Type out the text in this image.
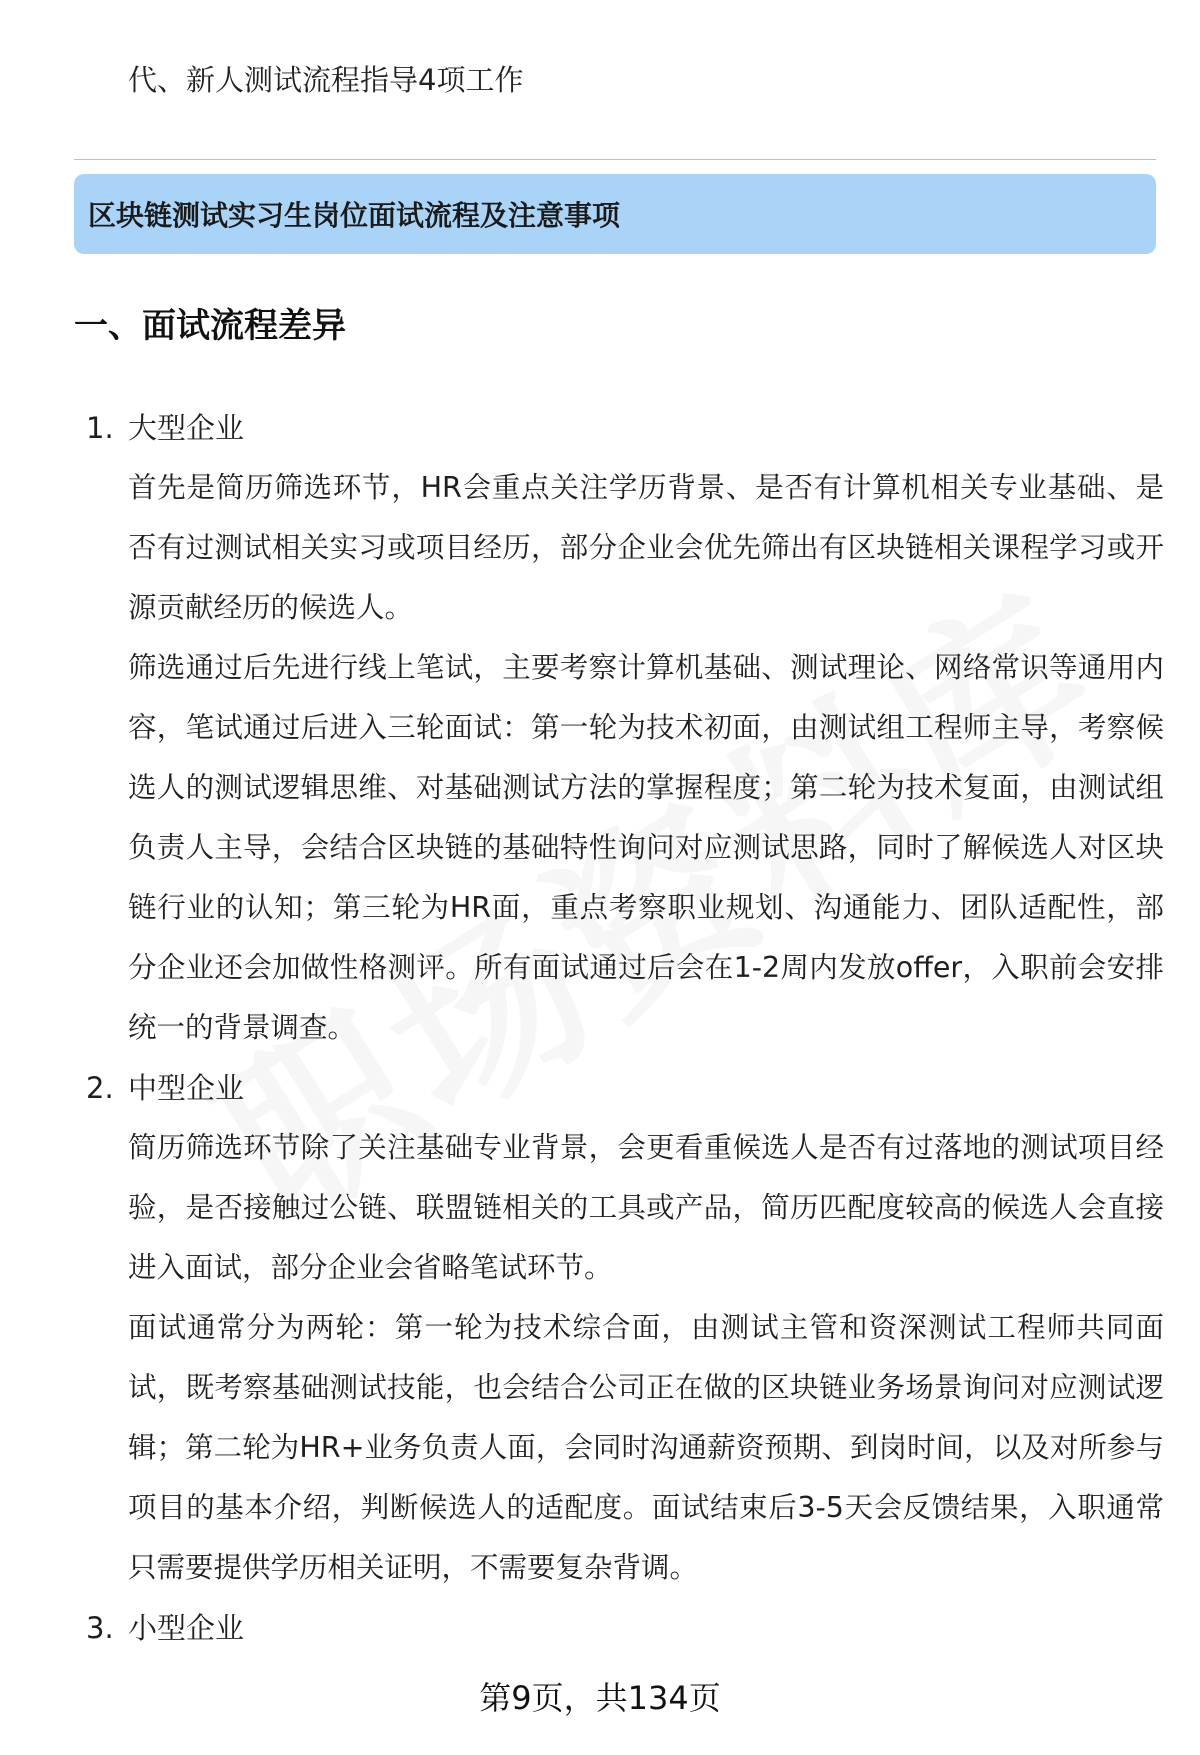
代、新人测试流程指导4项工作
区块链测试实习生岗位面试流程及注意事项
一、面试流程差异
1. 大型企业

首先是简历筛选环节，HR会重点关注学历背景、是否有计算机相关专业基础、是否有过测试相关实习或项目经历，部分企业会优先筛出有区块链相关课程学习或开源贡献经历的候选人。

筛选通过后先进行线上笔试，主要考察计算机基础、测试理论、网络常识等通用内容，笔试通过后进入三轮面试：第一轮为技术初面，由测试组工程师主导，考察候选人的测试逻辑思维、对基础测试方法的掌握程度；第二轮为技术复面，由测试组负责人主导，会结合区块链的基础特性询问对应测试思路，同时了解候选人对区块链行业的认知；第三轮为HR面，重点考察职业规划、沟通能力、团队适配性，部分企业还会加做性格测评。所有面试通过后会在1-2周内发放offer，入职前会安排统一的背景调查。

2. 中型企业

简历筛选环节除了关注基础专业背景，会更看重候选人是否有过落地的测试项目经验，是否接触过公链、联盟链相关的工具或产品，简历匹配度较高的候选人会直接进入面试，部分企业会省略笔试环节。

面试通常分为两轮：第一轮为技术综合面，由测试主管和资深测试工程师共同面试，既考察基础测试技能，也会结合公司正在做的区块链业务场景询问对应测试逻辑；第二轮为HR+业务负责人面，会同时沟通薪资预期、到岗时间，以及对所参与项目的基本介绍，判断候选人的适配度。面试结束后3-5天会反馈结果，入职通常只需要提供学历相关证明，不需要复杂背调。

3. 小型企业
第9页，共134页
